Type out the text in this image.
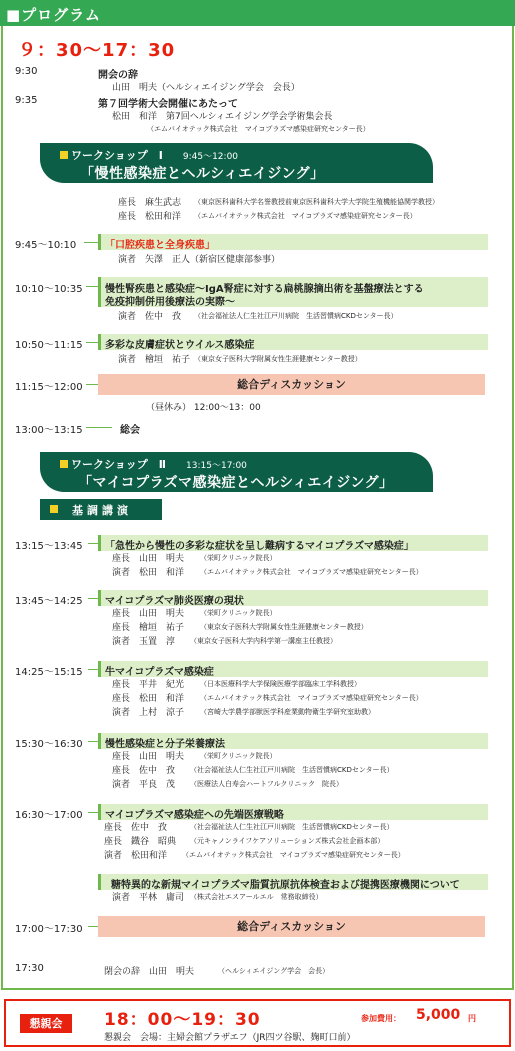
■プログラム
９：30〜17：30
9:30	開会の辞
山田　明夫（ヘルシィエイジング学会　会長）
9:35	第７回学術大会開催にあたって
松田　和洋　第7回ヘルシィエイジング学会学術集会長
（エムバイオテック株式会社　マイコプラズマ感染症研究センター長）
ワークショップ　Ⅰ 9:45〜12:00
「慢性感染症とヘルシィエイジング」
座長　麻生武志 （東京医科歯科大学名誉教授前東京医科歯科大学大学院生殖機能協関学教授）
座長　松田和洋 （エムバイオテック株式会社　マイコプラズマ感染症研究センター長）
9:45〜10:10	「口腔疾患と全身疾患」
演者　矢澤　正人（新宿区健康部参事）
10:10〜10:35 慢性腎疾患と感染症〜IgA腎症に対する扁桃腺摘出術を基盤療法とする
免疫抑制併用後療法の実際〜
演者　佐中　孜 （社会福祉法人仁生社江戸川病院　生活習慣病CKDセンター長）
10:50〜11:15 多彩な皮膚症状とウイルス感染症
演者　檜垣　祐子 （東京女子医科大学附属女性生涯健康センター教授）
11:15〜12:00	総合ディスカッション
（昼休み） 12:00〜13：00
13:00〜13:15	総会
ワークショップ　Ⅱ 13:15〜17:00
「マイコプラズマ感染症とヘルシィエイジング」
基調講演
13:15〜13:45 「急性から慢性の多彩な症状を呈し難病するマイコプラズマ感染症」
座長　山田　明夫 （栄町クリニック院長）
演者　松田　和洋 （エムバイオテック株式会社　マイコプラズマ感染症研究センター長）
13:45〜14:25 マイコプラズマ肺炎医療の現状
座長　山田　明夫 （栄町クリニック院長）
座長　檜垣　祐子 （東京女子医科大学附属女性生涯健康センター教授）
演者　玉置　淳 （東京女子医科大学内科学第一講座主任教授）
14:25〜15:15 牛マイコプラズマ感染症
座長　平井　紀光 （日本医療科学大学保険医療学部臨床工学科教授）
座長　松田　和洋 （エムバイオテック株式会社　マイコプラズマ感染症研究センター長）
演者　上村　涼子 （宮崎大学農学部獣医学科産業動物衛生学研究室助教）
15:30〜16:30 慢性感染症と分子栄養療法
座長　山田　明夫 （栄町クリニック院長）
座長　佐中　孜 （社会福祉法人仁生社江戸川病院　生活習慣病CKDセンター長）
演者　平良　茂 （医療法人白寿会ハートフルクリニック　院長）
16:30〜17:00 マイコプラズマ感染症への先端医療戦略
座長　佐中　孜	（社会福祉法人仁生社江戸川病院　生活習慣病CKDセンター長）
座長　鐡谷　昭典 （元キャノンライフケアソリューションズ株式会社企画本部）
演者　松田和洋 （エムバイオテック株式会社　マイコプラズマ感染症研究センター長）
糖特異的な新規マイコプラズマ脂質抗原抗体検査および提携医療機関について
演者　平林　庸司 （株式会社エスアールエル　常務取締役）
17:00〜17:30	総合ディスカッション
17:30	閉会の辞　山田　明夫	（ヘルシィエイジング学会　会長）
懇親会	18：00〜19：30	参加費用： 5,000 円
懇親会　会場：主婦会館プラザエフ（JR四ツ谷駅、麹町口前）
